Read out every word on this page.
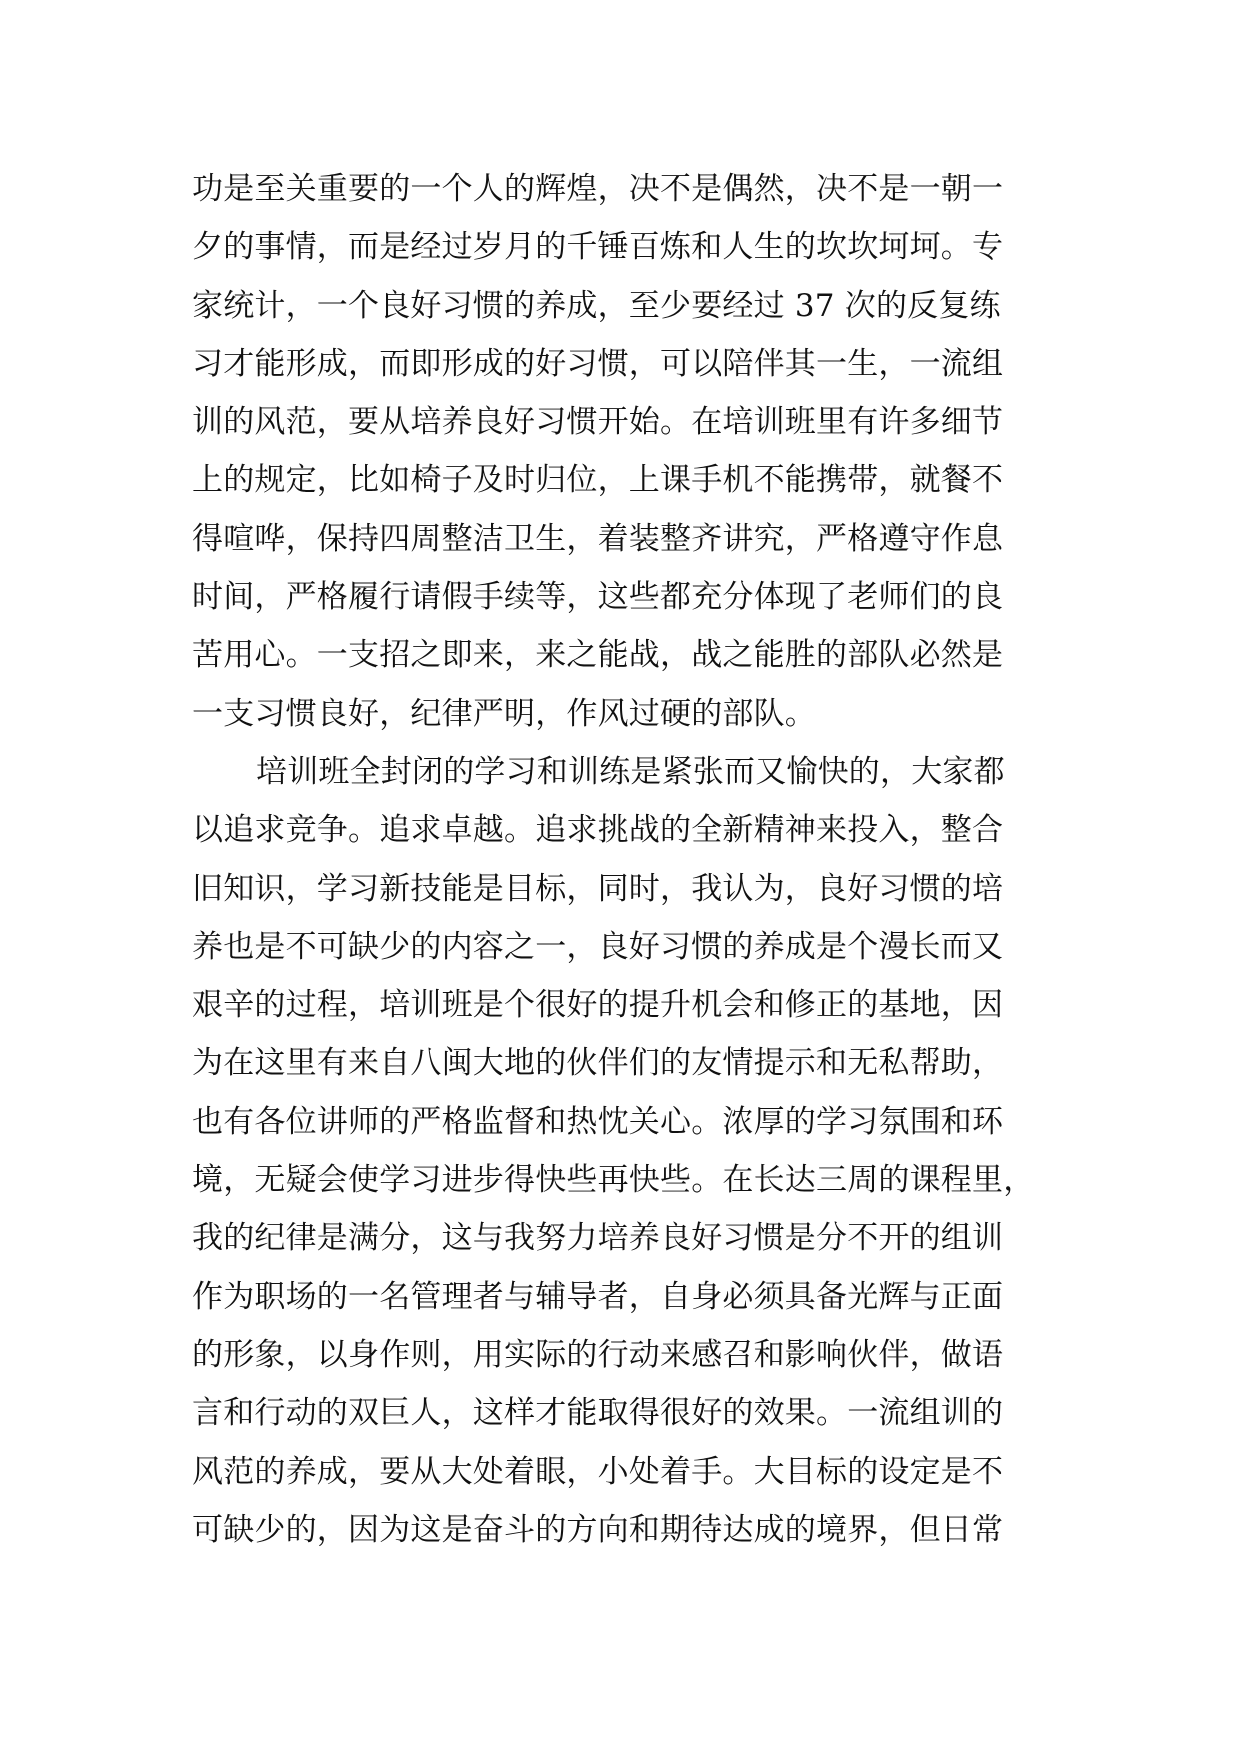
功是至关重要的一个人的辉煌，决不是偶然，决不是一朝一
夕的事情，而是经过岁月的千锤百炼和人生的坎坎坷坷。专
家统计，一个良好习惯的养成，至少要经过 37 次的反复练
习才能形成，而即形成的好习惯，可以陪伴其一生，一流组
训的风范，要从培养良好习惯开始。在培训班里有许多细节
上的规定，比如椅子及时归位，上课手机不能携带，就餐不
得喧哗，保持四周整洁卫生，着装整齐讲究，严格遵守作息
时间，严格履行请假手续等，这些都充分体现了老师们的良
苦用心。一支招之即来，来之能战，战之能胜的部队必然是
一支习惯良好，纪律严明，作风过硬的部队。
培训班全封闭的学习和训练是紧张而又愉快的，大家都
以追求竞争。追求卓越。追求挑战的全新精神来投入，整合
旧知识，学习新技能是目标，同时，我认为，良好习惯的培
养也是不可缺少的内容之一，良好习惯的养成是个漫长而又
艰辛的过程，培训班是个很好的提升机会和修正的基地，因
为在这里有来自八闽大地的伙伴们的友情提示和无私帮助，
也有各位讲师的严格监督和热忱关心。浓厚的学习氛围和环
境，无疑会使学习进步得快些再快些。在长达三周的课程里，
我的纪律是满分，这与我努力培养良好习惯是分不开的组训
作为职场的一名管理者与辅导者，自身必须具备光辉与正面
的形象，以身作则，用实际的行动来感召和影响伙伴，做语
言和行动的双巨人，这样才能取得很好的效果。一流组训的
风范的养成，要从大处着眼，小处着手。大目标的设定是不
可缺少的，因为这是奋斗的方向和期待达成的境界，但日常
